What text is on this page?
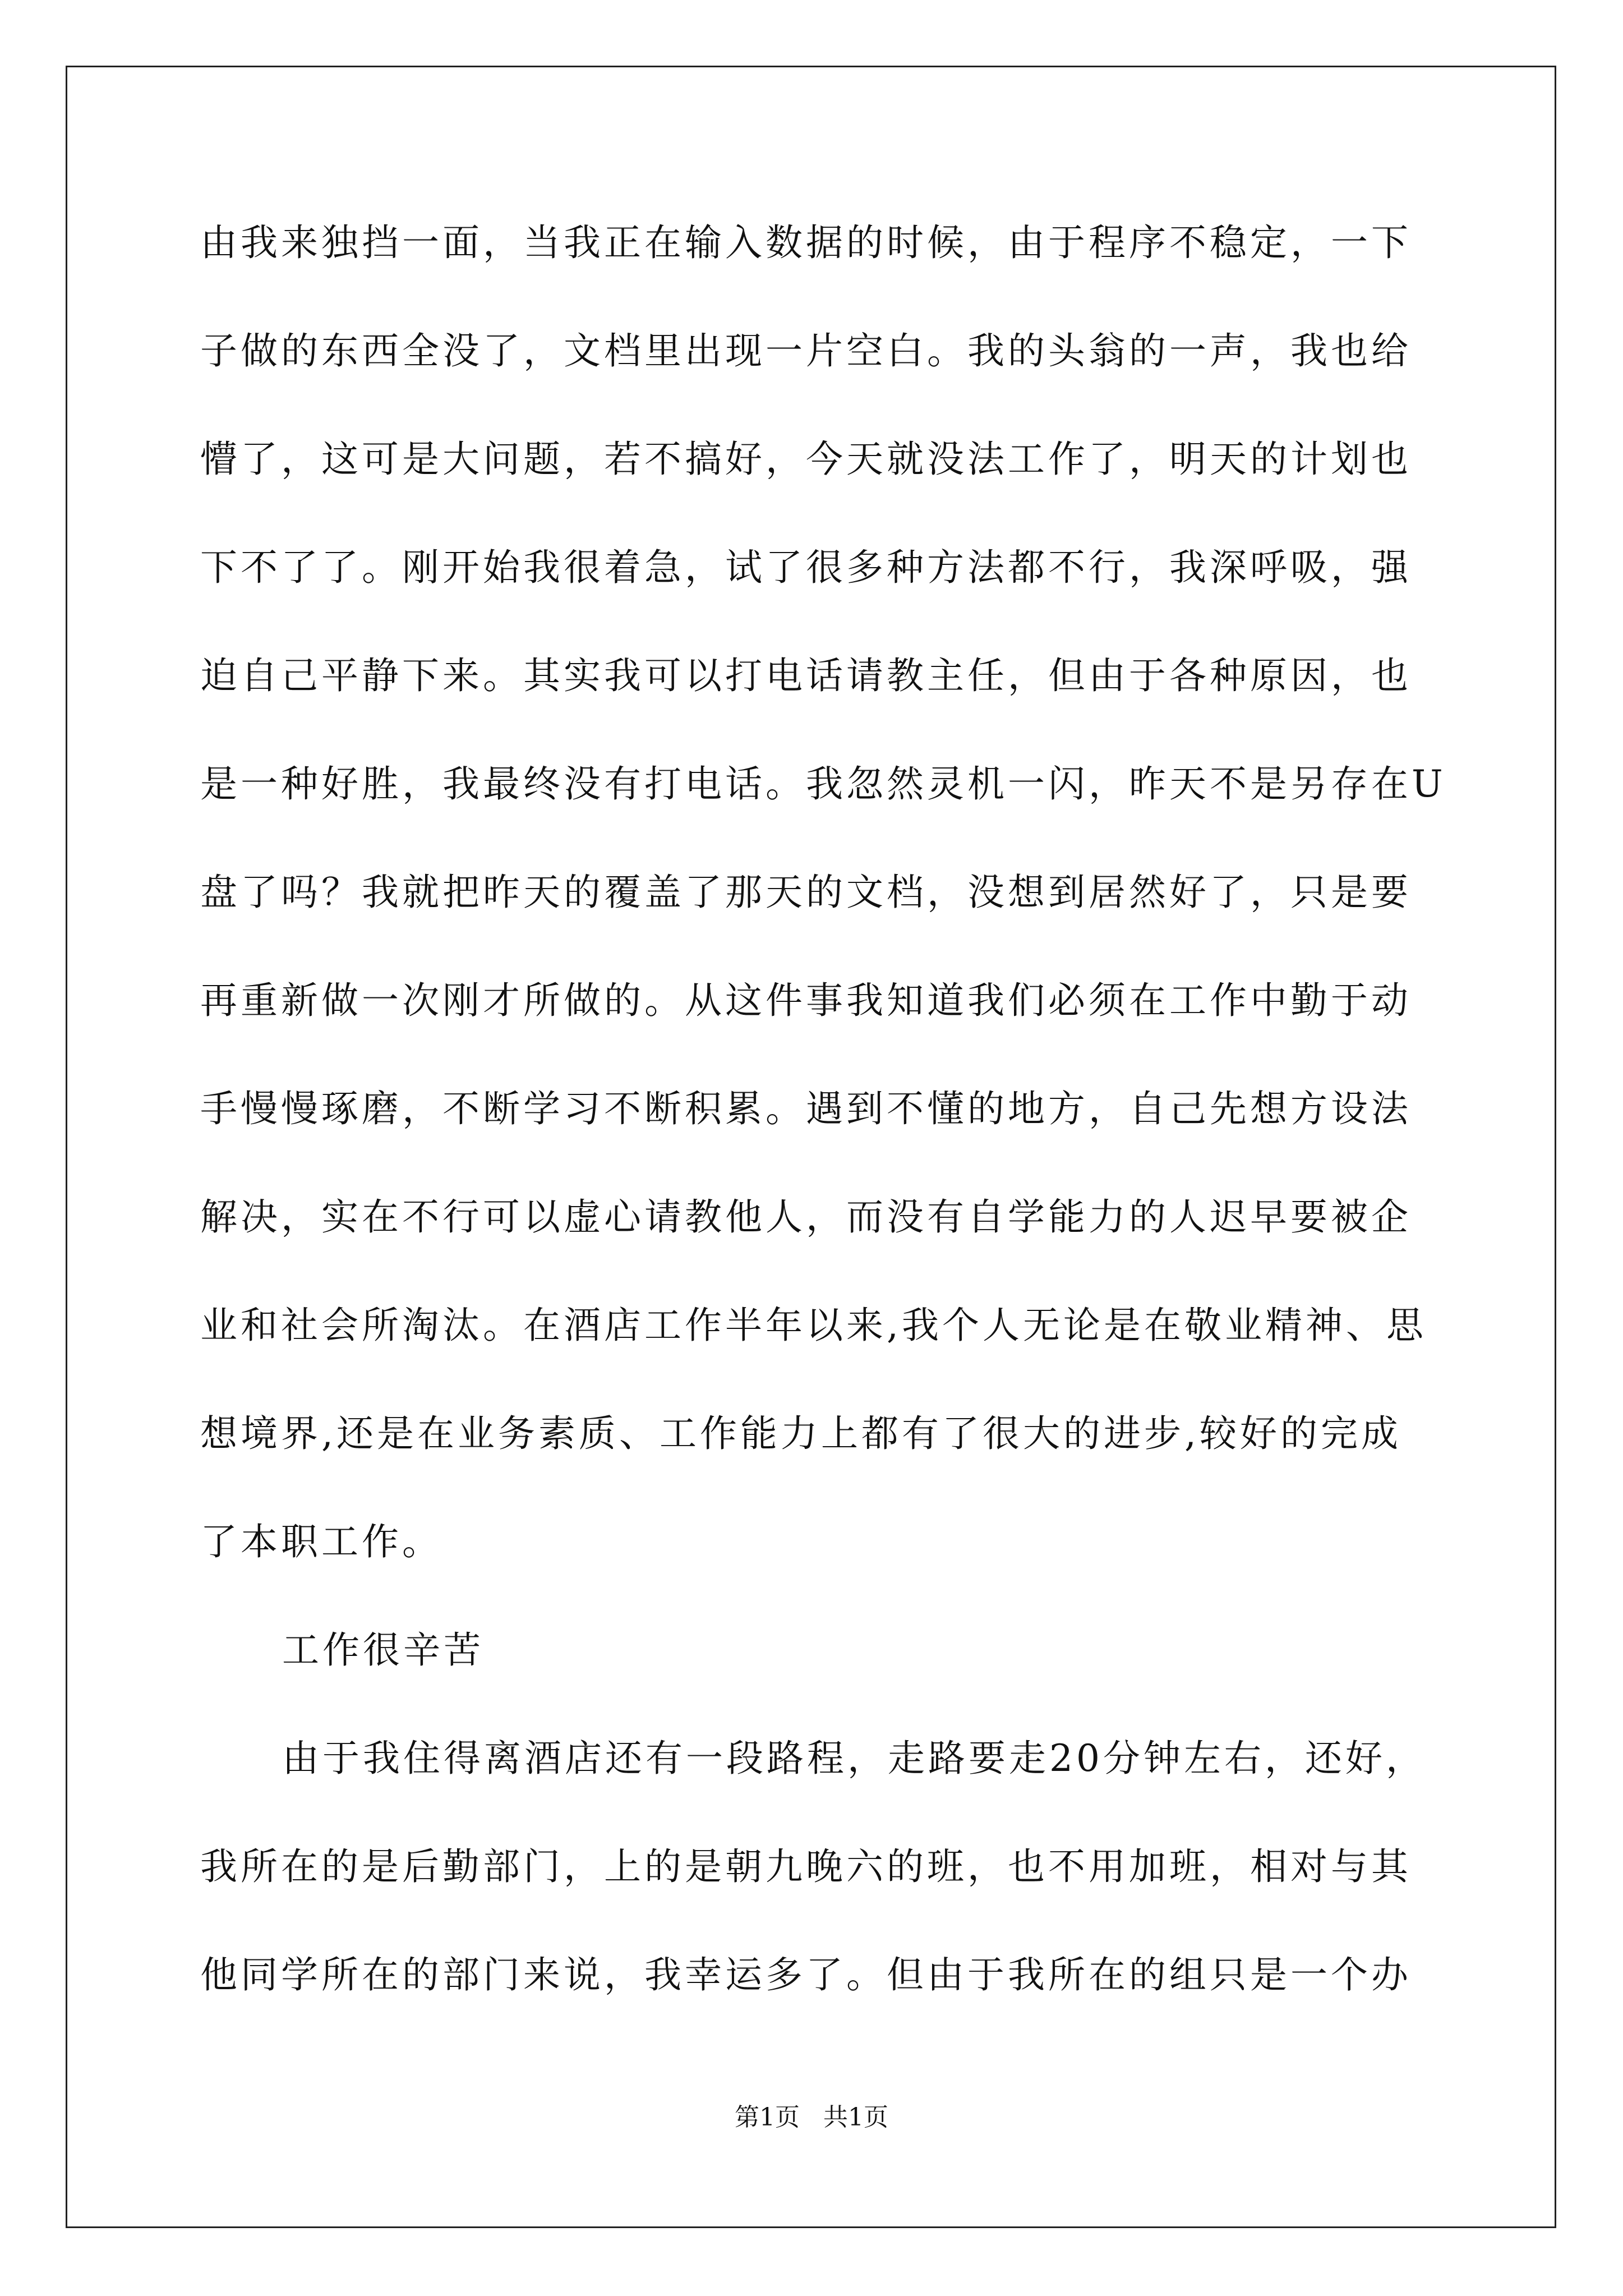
由我来独挡一面，当我正在输入数据的时候，由于程序不稳定，一下
子做的东西全没了，文档里出现一片空白。我的头翁的一声，我也给
懵了，这可是大问题，若不搞好，今天就没法工作了，明天的计划也
下不了了。刚开始我很着急，试了很多种方法都不行，我深呼吸，强
迫自己平静下来。其实我可以打电话请教主任，但由于各种原因，也
是一种好胜，我最终没有打电话。我忽然灵机一闪，昨天不是另存在U
盘了吗？我就把昨天的覆盖了那天的文档，没想到居然好了，只是要
再重新做一次刚才所做的。从这件事我知道我们必须在工作中勤于动
手慢慢琢磨，不断学习不断积累。遇到不懂的地方，自己先想方设法
解决，实在不行可以虚心请教他人，而没有自学能力的人迟早要被企
业和社会所淘汰。在酒店工作半年以来,我个人无论是在敬业精神、思
想境界,还是在业务素质、工作能力上都有了很大的进步,较好的完成
了本职工作。
工作很辛苦
由于我住得离酒店还有一段路程，走路要走20分钟左右，还好，
我所在的是后勤部门，上的是朝九晚六的班，也不用加班，相对与其
他同学所在的部门来说，我幸运多了。但由于我所在的组只是一个办
第1页   共1页
